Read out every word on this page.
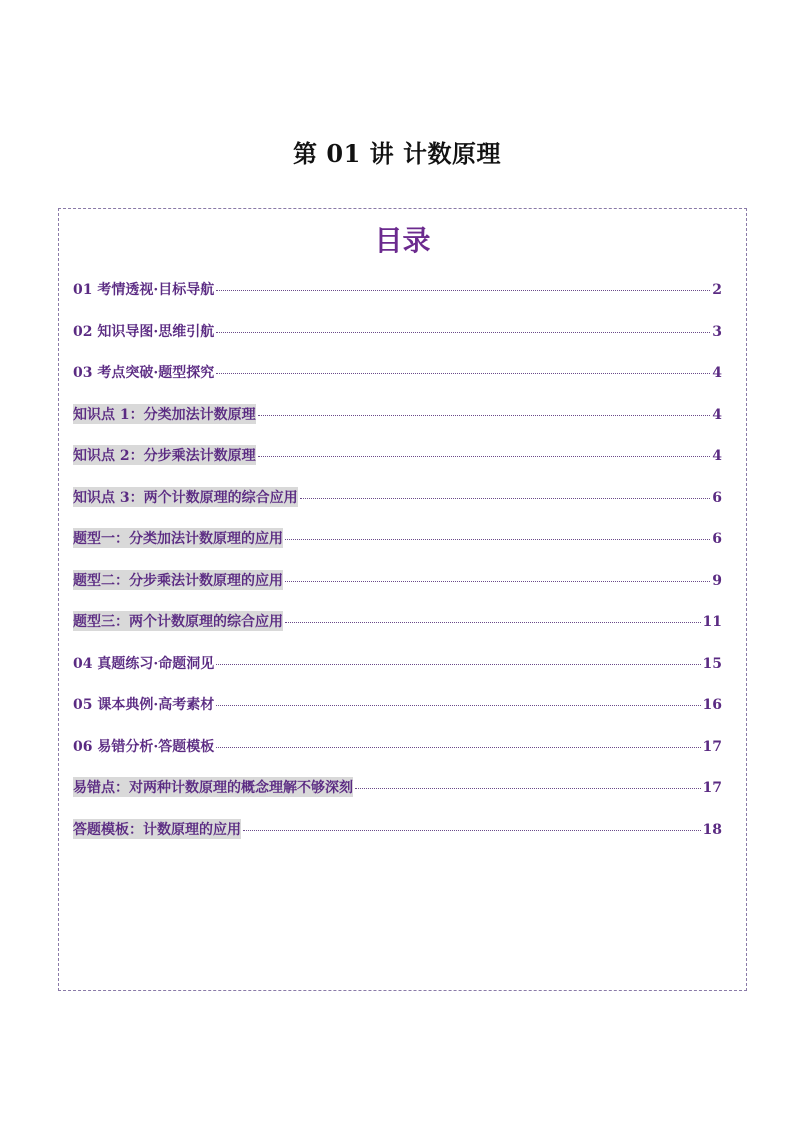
第 01 讲 计数原理
目录
01 考情透视·目标导航	2
02 知识导图·思维引航	3
03 考点突破·题型探究	4
知识点 1：分类加法计数原理	4
知识点 2：分步乘法计数原理	4
知识点 3：两个计数原理的综合应用	6
题型一：分类加法计数原理的应用	6
题型二：分步乘法计数原理的应用	9
题型三：两个计数原理的综合应用	11
04 真题练习·命题洞见	15
05 课本典例·高考素材	16
06 易错分析·答题模板	17
易错点：对两种计数原理的概念理解不够深刻	17
答题模板：计数原理的应用	18
